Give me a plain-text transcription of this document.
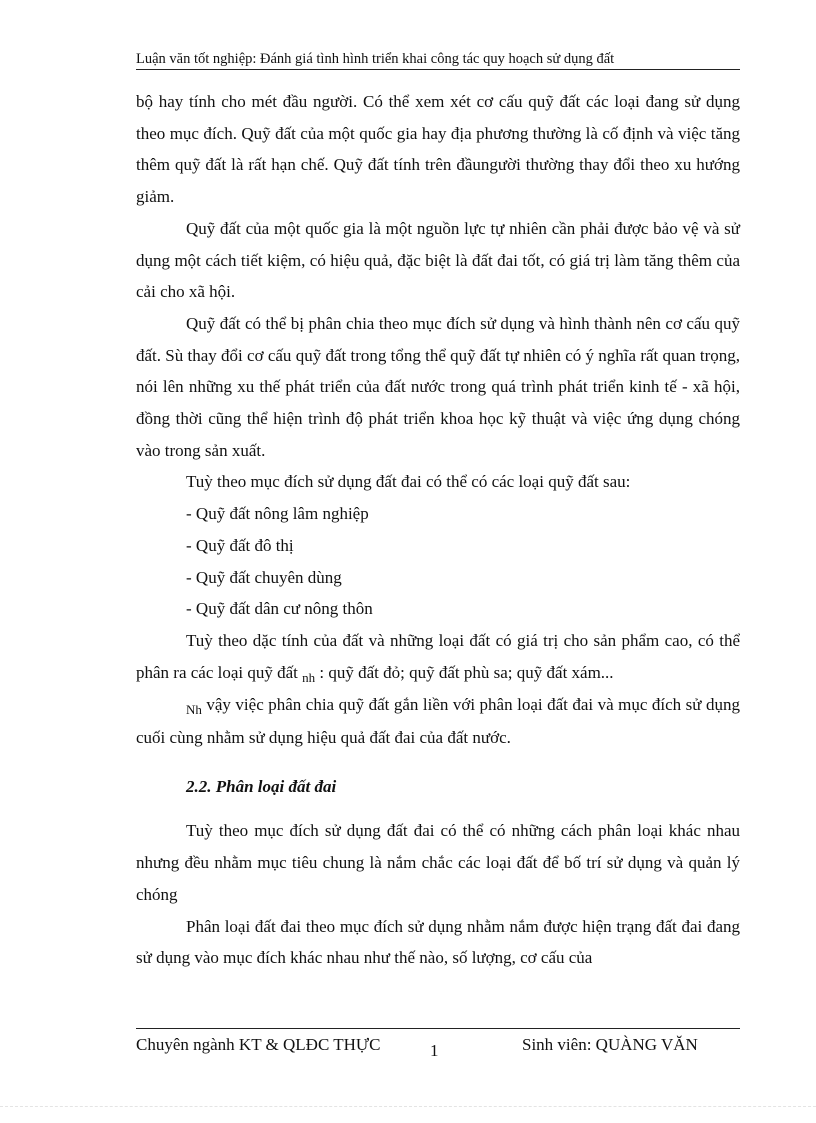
Luận văn tốt nghiệp: Đánh giá tình hình triển khai công tác quy hoạch sử dụng đất

bộ hay tính cho mét đầu người. Có thể xem xét cơ cấu quỹ đất các loại đang sử dụng theo mục đích. Quỹ đất của một quốc gia hay địa phương thường là cố định và việc tăng thêm quỹ đất là rất hạn chế. Quỹ đất tính trên đầungười thường thay đổi theo xu hướng giảm.

Quỹ đất của một quốc gia là một nguồn lực tự nhiên cần phải được bảo vệ và sử dụng một cách tiết kiệm, có hiệu quả, đặc biệt là đất đai tốt, có giá trị làm tăng thêm của cải cho xã hội.

Quỹ đất có thể bị phân chia theo mục đích sử dụng và hình thành nên cơ cấu quỹ đất. Sù thay đổi cơ cấu quỹ đất trong tổng thể quỹ đất tự nhiên có ý nghĩa rất quan trọng, nói lên những xu thế phát triển của đất nước trong quá trình phát triển kinh tế - xã hội, đồng thời cũng thể hiện trình độ phát triển khoa học kỹ thuật và việc ứng dụng chóng vào trong sản xuất.

Tuỳ theo mục đích sử dụng đất đai có thể có các loại quỹ đất sau:

- Quỹ đất nông lâm nghiệp

- Quỹ đất đô thị

- Quỹ đất chuyên dùng

- Quỹ đất dân cư nông thôn

Tuỳ theo dặc tính của đất và những loại đất có giá trị cho sản phẩm cao, có thể phân ra các loại quỹ đất $_{nh}$ : quỹ đất đỏ; quỹ đất phù sa; quỹ đất xám...

$_{Nh}$ vậy việc phân chia quỹ đất gắn liền với phân loại đất đai và mục đích sử dụng cuối cùng nhằm sử dụng hiệu quả đất đai của đất nước.

2.2. Phân loại đất đai

Tuỳ theo mục đích sử dụng đất đai có thể có những cách phân loại khác nhau nhưng đều nhằm mục tiêu chung là nắm chắc các loại đất để bố trí sử dụng và quản lý chóng

Phân loại đất đai theo mục đích sử dụng nhằm nắm được hiện trạng đất đai đang sử dụng vào mục đích khác nhau như thế nào, số lượng, cơ cấu của

Chuyên ngành KT & QLĐC THỰC	1	Sinh viên: QUÀNG VĂN
